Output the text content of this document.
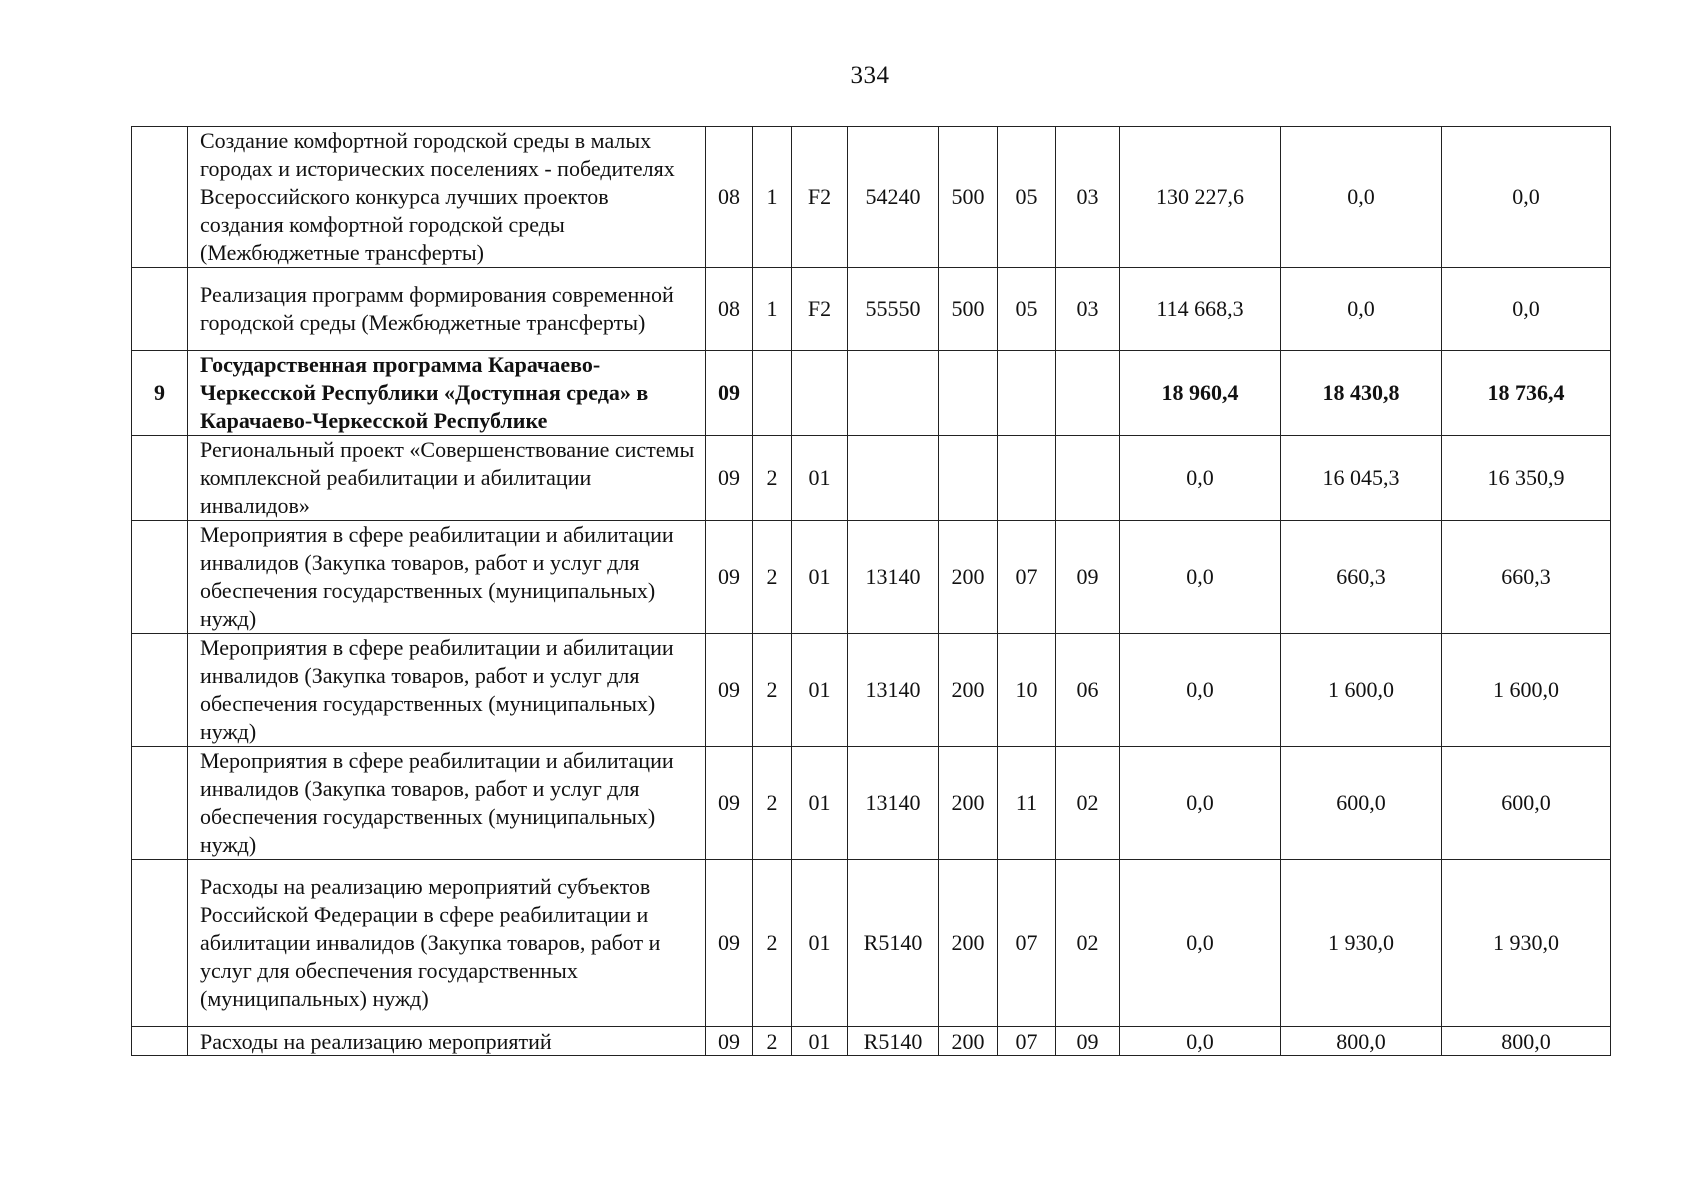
334
	Создание комфортной городской среды в малых городах и исторических поселениях - победителях Всероссийского конкурса лучших проектов создания комфортной городской среды (Межбюджетные трансферты)	08	1	F2	54240	500	05	03	130 227,6	0,0	0,0
	Реализация программ формирования современной городской среды (Межбюджетные трансферты)	08	1	F2	55550	500	05	03	114 668,3	0,0	0,0
9	Государственная программа Карачаево-Черкесской Республики «Доступная среда» в Карачаево-Черкесской Республике	09							18 960,4	18 430,8	18 736,4
	Региональный проект «Совершенствование системы комплексной реабилитации и абилитации инвалидов»	09	2	01					0,0	16 045,3	16 350,9
	Мероприятия в сфере реабилитации и абилитации инвалидов (Закупка товаров, работ и услуг для обеспечения государственных (муниципальных) нужд)	09	2	01	13140	200	07	09	0,0	660,3	660,3
	Мероприятия в сфере реабилитации и абилитации инвалидов (Закупка товаров, работ и услуг для обеспечения государственных (муниципальных) нужд)	09	2	01	13140	200	10	06	0,0	1 600,0	1 600,0
	Мероприятия в сфере реабилитации и абилитации инвалидов (Закупка товаров, работ и услуг для обеспечения государственных (муниципальных) нужд)	09	2	01	13140	200	11	02	0,0	600,0	600,0
	Расходы на реализацию мероприятий субъектов Российской Федерации в сфере реабилитации и абилитации инвалидов (Закупка товаров, работ и услуг для обеспечения государственных (муниципальных) нужд)	09	2	01	R5140	200	07	02	0,0	1 930,0	1 930,0
	Расходы на реализацию мероприятий	09	2	01	R5140	200	07	09	0,0	800,0	800,0
